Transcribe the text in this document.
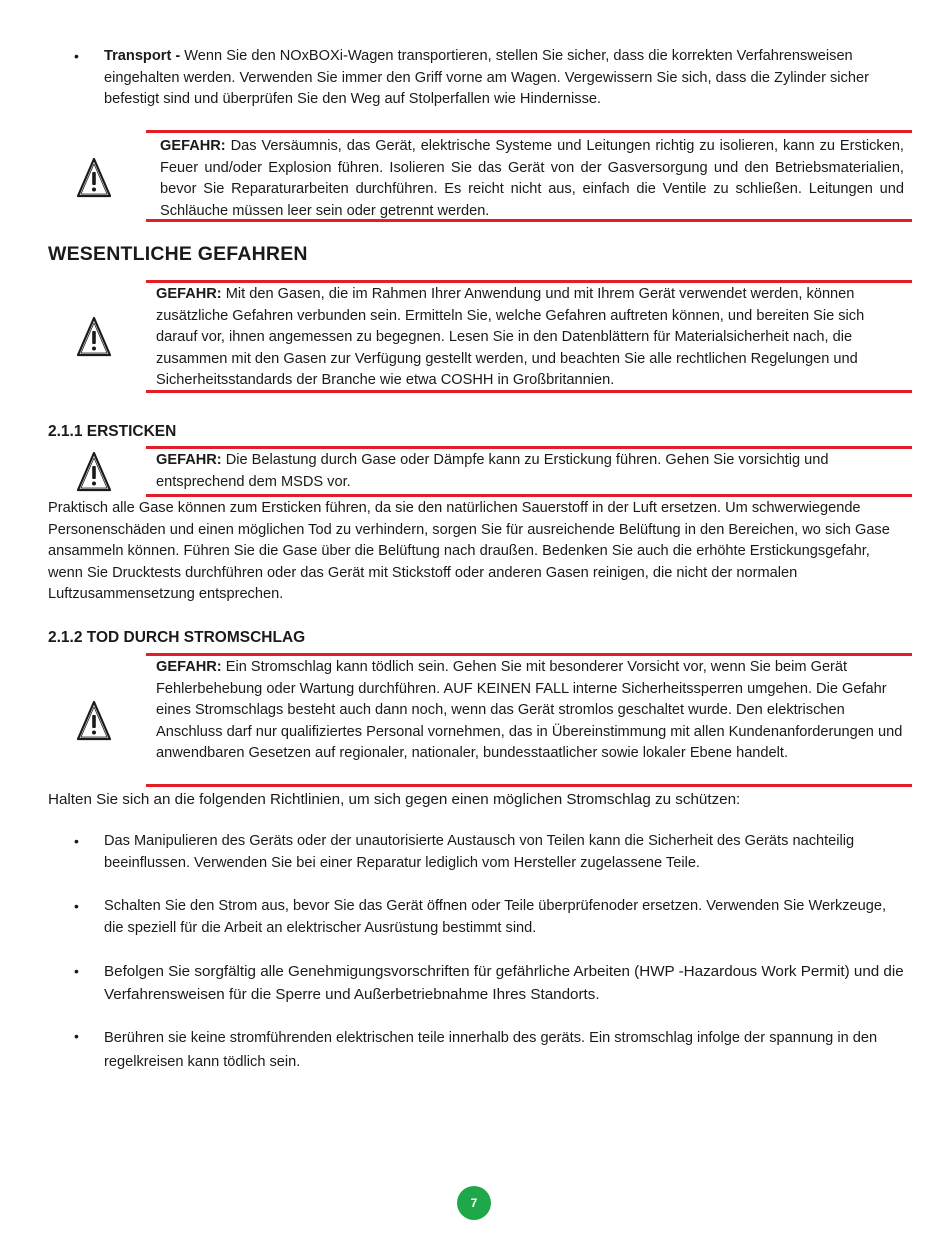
•	Transport - Wenn Sie den NOxBOXi-Wagen transportieren, stellen Sie sicher, dass die korrekten Verfahrensweisen eingehalten werden. Verwenden Sie immer den Griff vorne am Wagen. Vergewissern Sie sich, dass die Zylinder sicher befestigt sind und überprüfen Sie den Weg auf Stolperfallen wie Hindernisse.
GEFAHR: Das Versäumnis, das Gerät, elektrische Systeme und Leitungen richtig zu isolieren, kann zu Ersticken, Feuer und/oder Explosion führen. Isolieren Sie das Gerät von der Gasversorgung und den Betriebsmaterialien, bevor Sie Reparaturarbeiten durchführen. Es reicht nicht aus, einfach die Ventile zu schließen. Leitungen und Schläuche müssen leer sein oder getrennt werden.
WESENTLICHE GEFAHREN
GEFAHR: Mit den Gasen, die im Rahmen Ihrer Anwendung und mit Ihrem Gerät verwendet werden, können zusätzliche Gefahren verbunden sein. Ermitteln Sie, welche Gefahren auftreten können, und bereiten Sie sich darauf vor, ihnen angemessen zu begegnen. Lesen Sie in den Datenblättern für Materialsicherheit nach, die zusammen mit den Gasen zur Verfügung gestellt werden, und beachten Sie alle rechtlichen Regelungen und Sicherheitsstandards der Branche wie etwa COSHH in Großbritannien.
2.1.1 ERSTICKEN
GEFAHR: Die Belastung durch Gase oder Dämpfe kann zu Erstickung führen. Gehen Sie vorsichtig und entsprechend dem MSDS vor.
Praktisch alle Gase können zum Ersticken führen, da sie den natürlichen Sauerstoff in der Luft ersetzen. Um schwerwiegende Personenschäden und einen möglichen Tod zu verhindern, sorgen Sie für ausreichende Belüftung in den Bereichen, wo sich Gase ansammeln können. Führen Sie die Gase über die Belüftung nach draußen. Bedenken Sie auch die erhöhte Erstickungsgefahr, wenn Sie Drucktests durchführen oder das Gerät mit Stickstoff oder anderen Gasen reinigen, die nicht der normalen Luftzusammensetzung entsprechen.
2.1.2 TOD DURCH STROMSCHLAG
GEFAHR: Ein Stromschlag kann tödlich sein. Gehen Sie mit besonderer Vorsicht vor, wenn Sie beim Gerät Fehlerbehebung oder Wartung durchführen. AUF KEINEN FALL interne Sicherheitssperren umgehen. Die Gefahr eines Stromschlags besteht auch dann noch, wenn das Gerät stromlos geschaltet wurde. Den elektrischen Anschluss darf nur qualifiziertes Personal vornehmen, das in Übereinstimmung mit allen Kundenanforderungen und anwendbaren Gesetzen auf regionaler, nationaler, bundesstaatlicher sowie lokaler Ebene handelt.
Halten Sie sich an die folgenden Richtlinien, um sich gegen einen möglichen Stromschlag zu schützen:
•	Das Manipulieren des Geräts oder der unautorisierte Austausch von Teilen kann die Sicherheit des Geräts nachteilig beeinflussen. Verwenden Sie bei einer Reparatur lediglich vom Hersteller zugelassene Teile.
•	Schalten Sie den Strom aus, bevor Sie das Gerät öffnen oder Teile überprüfenoder ersetzen. Verwenden Sie Werkzeuge, die speziell für die Arbeit an elektrischer Ausrüstung bestimmt sind.
•	Befolgen Sie sorgfältig alle Genehmigungsvorschriften für gefährliche Arbeiten (HWP -Hazardous Work Permit) und die Verfahrensweisen für die Sperre und Außerbetriebnahme Ihres Standorts.
•	Berühren sie keine stromführenden elektrischen teile innerhalb des geräts. Ein stromschlag infolge der spannung in den regelkreisen kann tödlich sein.
7
